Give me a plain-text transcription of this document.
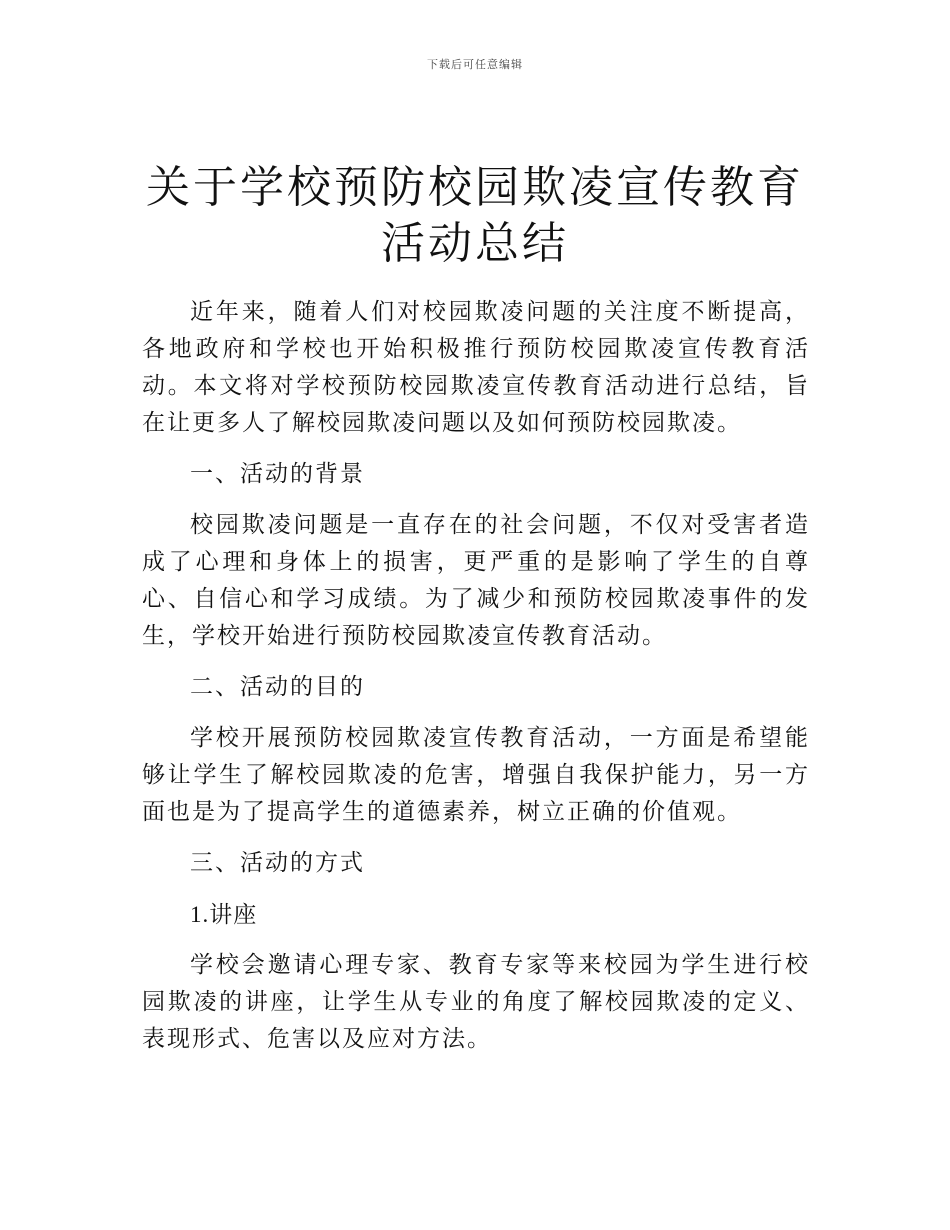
下载后可任意编辑
关于学校预防校园欺凌宣传教育活动总结

近年来，随着人们对校园欺凌问题的关注度不断提高，各地政府和学校也开始积极推行预防校园欺凌宣传教育活动。本文将对学校预防校园欺凌宣传教育活动进行总结，旨在让更多人了解校园欺凌问题以及如何预防校园欺凌。

一、活动的背景

校园欺凌问题是一直存在的社会问题，不仅对受害者造成了心理和身体上的损害，更严重的是影响了学生的自尊心、自信心和学习成绩。为了减少和预防校园欺凌事件的发生，学校开始进行预防校园欺凌宣传教育活动。

二、活动的目的

学校开展预防校园欺凌宣传教育活动，一方面是希望能够让学生了解校园欺凌的危害，增强自我保护能力，另一方面也是为了提高学生的道德素养，树立正确的价值观。

三、活动的方式

1.讲座

学校会邀请心理专家、教育专家等来校园为学生进行校园欺凌的讲座，让学生从专业的角度了解校园欺凌的定义、表现形式、危害以及应对方法。
